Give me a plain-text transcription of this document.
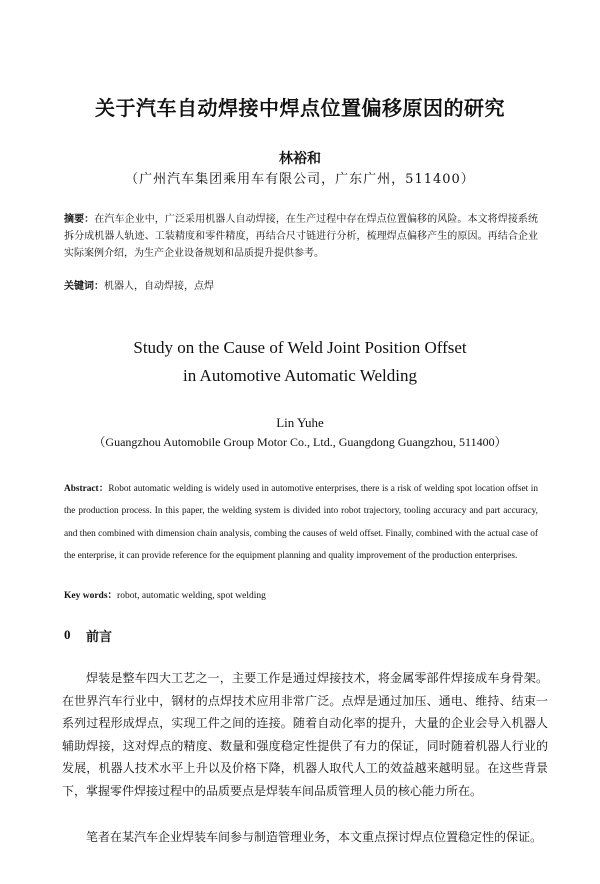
关于汽车自动焊接中焊点位置偏移原因的研究
林裕和
（广州汽车集团乘用车有限公司，广东广州，511400）

摘要：在汽车企业中，广泛采用机器人自动焊接，在生产过程中存在焊点位置偏移的风险。本文将焊接系统拆分成机器人轨迹、工装精度和零件精度，再结合尺寸链进行分析，梳理焊点偏移产生的原因。再结合企业实际案例介绍，为生产企业设备规划和品质提升提供参考。

关键词：机器人，自动焊接，点焊

Study on the Cause of Weld Joint Position Offset
in Automotive Automatic Welding
Lin Yuhe
（Guangzhou Automobile Group Motor Co., Ltd., Guangdong Guangzhou, 511400）

Abstract：Robot automatic welding is widely used in automotive enterprises, there is a risk of welding spot location offset in the production process. In this paper, the welding system is divided into robot trajectory, tooling accuracy and part accuracy, and then combined with dimension chain analysis, combing the causes of weld offset. Finally, combined with the actual case of the enterprise, it can provide reference for the equipment planning and quality improvement of the production enterprises.

Key words：robot, automatic welding, spot welding

0 前言

焊装是整车四大工艺之一，主要工作是通过焊接技术，将金属零部件焊接成车身骨架。在世界汽车行业中，钢材的点焊技术应用非常广泛。点焊是通过加压、通电、维持、结束一系列过程形成焊点，实现工件之间的连接。随着自动化率的提升，大量的企业会导入机器人辅助焊接，这对焊点的精度、数量和强度稳定性提供了有力的保证，同时随着机器人行业的发展，机器人技术水平上升以及价格下降，机器人取代人工的效益越来越明显。在这些背景下，掌握零件焊接过程中的品质要点是焊装车间品质管理人员的核心能力所在。

笔者在某汽车企业焊装车间参与制造管理业务，本文重点探讨焊点位置稳定性的保证。
